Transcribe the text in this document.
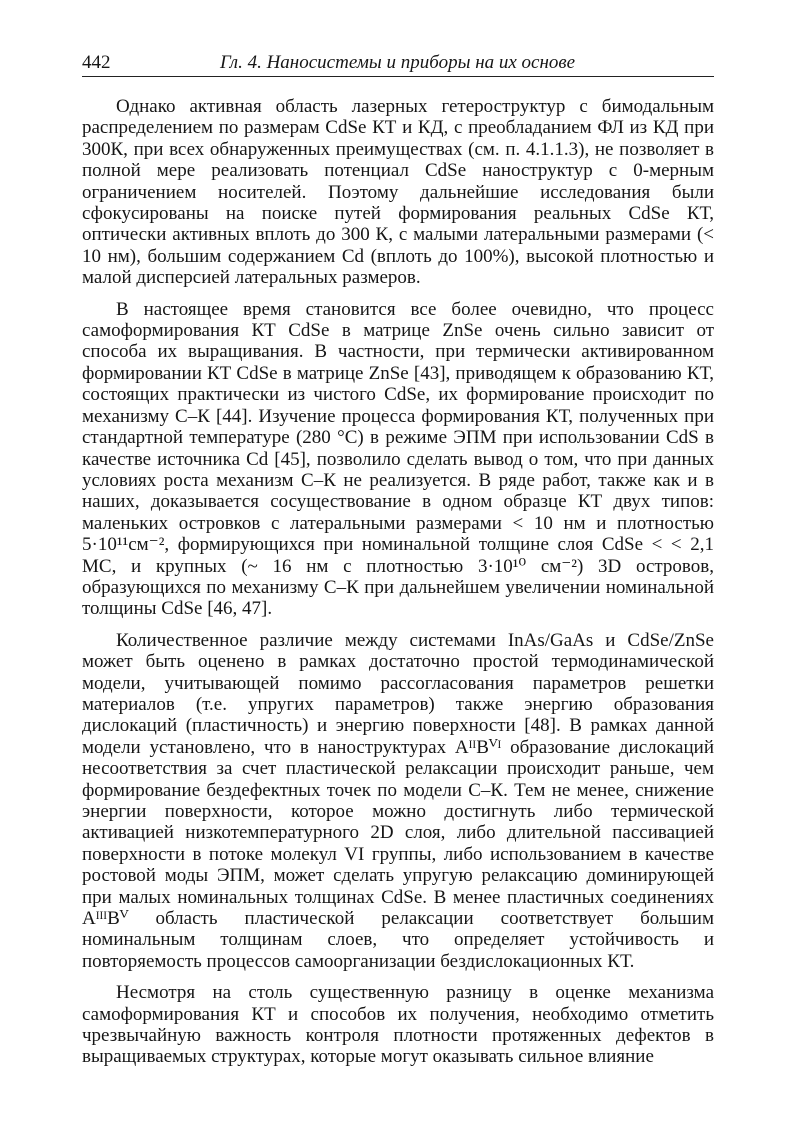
442	Гл. 4. Наносистемы и приборы на их основе

Однако активная область лазерных гетероструктур с бимодальным распределением по размерам CdSe КТ и КД, с преобладанием ФЛ из КД при 300К, при всех обнаруженных преимуществах (см. п. 4.1.1.3), не позволяет в полной мере реализовать потенциал CdSe наноструктур с 0-мерным ограничением носителей. Поэтому дальнейшие исследования были сфокусированы на поиске путей формирования реальных CdSe КТ, оптически активных вплоть до 300 К, с малыми латеральными размерами (< 10 нм), большим содержанием Cd (вплоть до 100%), высокой плотностью и малой дисперсией латеральных размеров.

В настоящее время становится все более очевидно, что процесс самоформирования КТ CdSe в матрице ZnSe очень сильно зависит от способа их выращивания. В частности, при термически активированном формировании КТ CdSe в матрице ZnSe [43], приводящем к образованию КТ, состоящих практически из чистого CdSe, их формирование происходит по механизму С–К [44]. Изучение процесса формирования КТ, полученных при стандартной температуре (280 °С) в режиме ЭПМ при использовании CdS в качестве источника Cd [45], позволило сделать вывод о том, что при данных условиях роста механизм С–К не реализуется. В ряде работ, также как и в наших, доказывается сосуществование в одном образце КТ двух типов: маленьких островков с латеральными размерами < 10 нм и плотностью 5·10¹¹см⁻², формирующихся при номинальной толщине слоя CdSe < < 2,1 МС, и крупных (~ 16 нм с плотностью 3·10¹⁰ см⁻²) 3D островов, образующихся по механизму С–К при дальнейшем увеличении номинальной толщины CdSe [46, 47].

Количественное различие между системами InAs/GaAs и CdSe/ZnSe может быть оценено в рамках достаточно простой термодинамической модели, учитывающей помимо рассогласования параметров решетки материалов (т.е. упругих параметров) также энергию образования дислокаций (пластичность) и энергию поверхности [48]. В рамках данной модели установлено, что в наноструктурах AᴵᴵBⱽᴵ образование дислокаций несоответствия за счет пластической релаксации происходит раньше, чем формирование бездефектных точек по модели С–К. Тем не менее, снижение энергии поверхности, которое можно достигнуть либо термической активацией низкотемпературного 2D слоя, либо длительной пассивацией поверхности в потоке молекул VI группы, либо использованием в качестве ростовой моды ЭПМ, может сделать упругую релаксацию доминирующей при малых номинальных толщинах CdSe. В менее пластичных соединениях AᴵᴵᴵBⱽ область пластической релаксации соответствует большим номинальным толщинам слоев, что определяет устойчивость и повторяемость процессов самоорганизации бездислокационных КТ.

Несмотря на столь существенную разницу в оценке механизма самоформирования КТ и способов их получения, необходимо отметить чрезвычайную важность контроля плотности протяженных дефектов в выращиваемых структурах, которые могут оказывать сильное влияние
